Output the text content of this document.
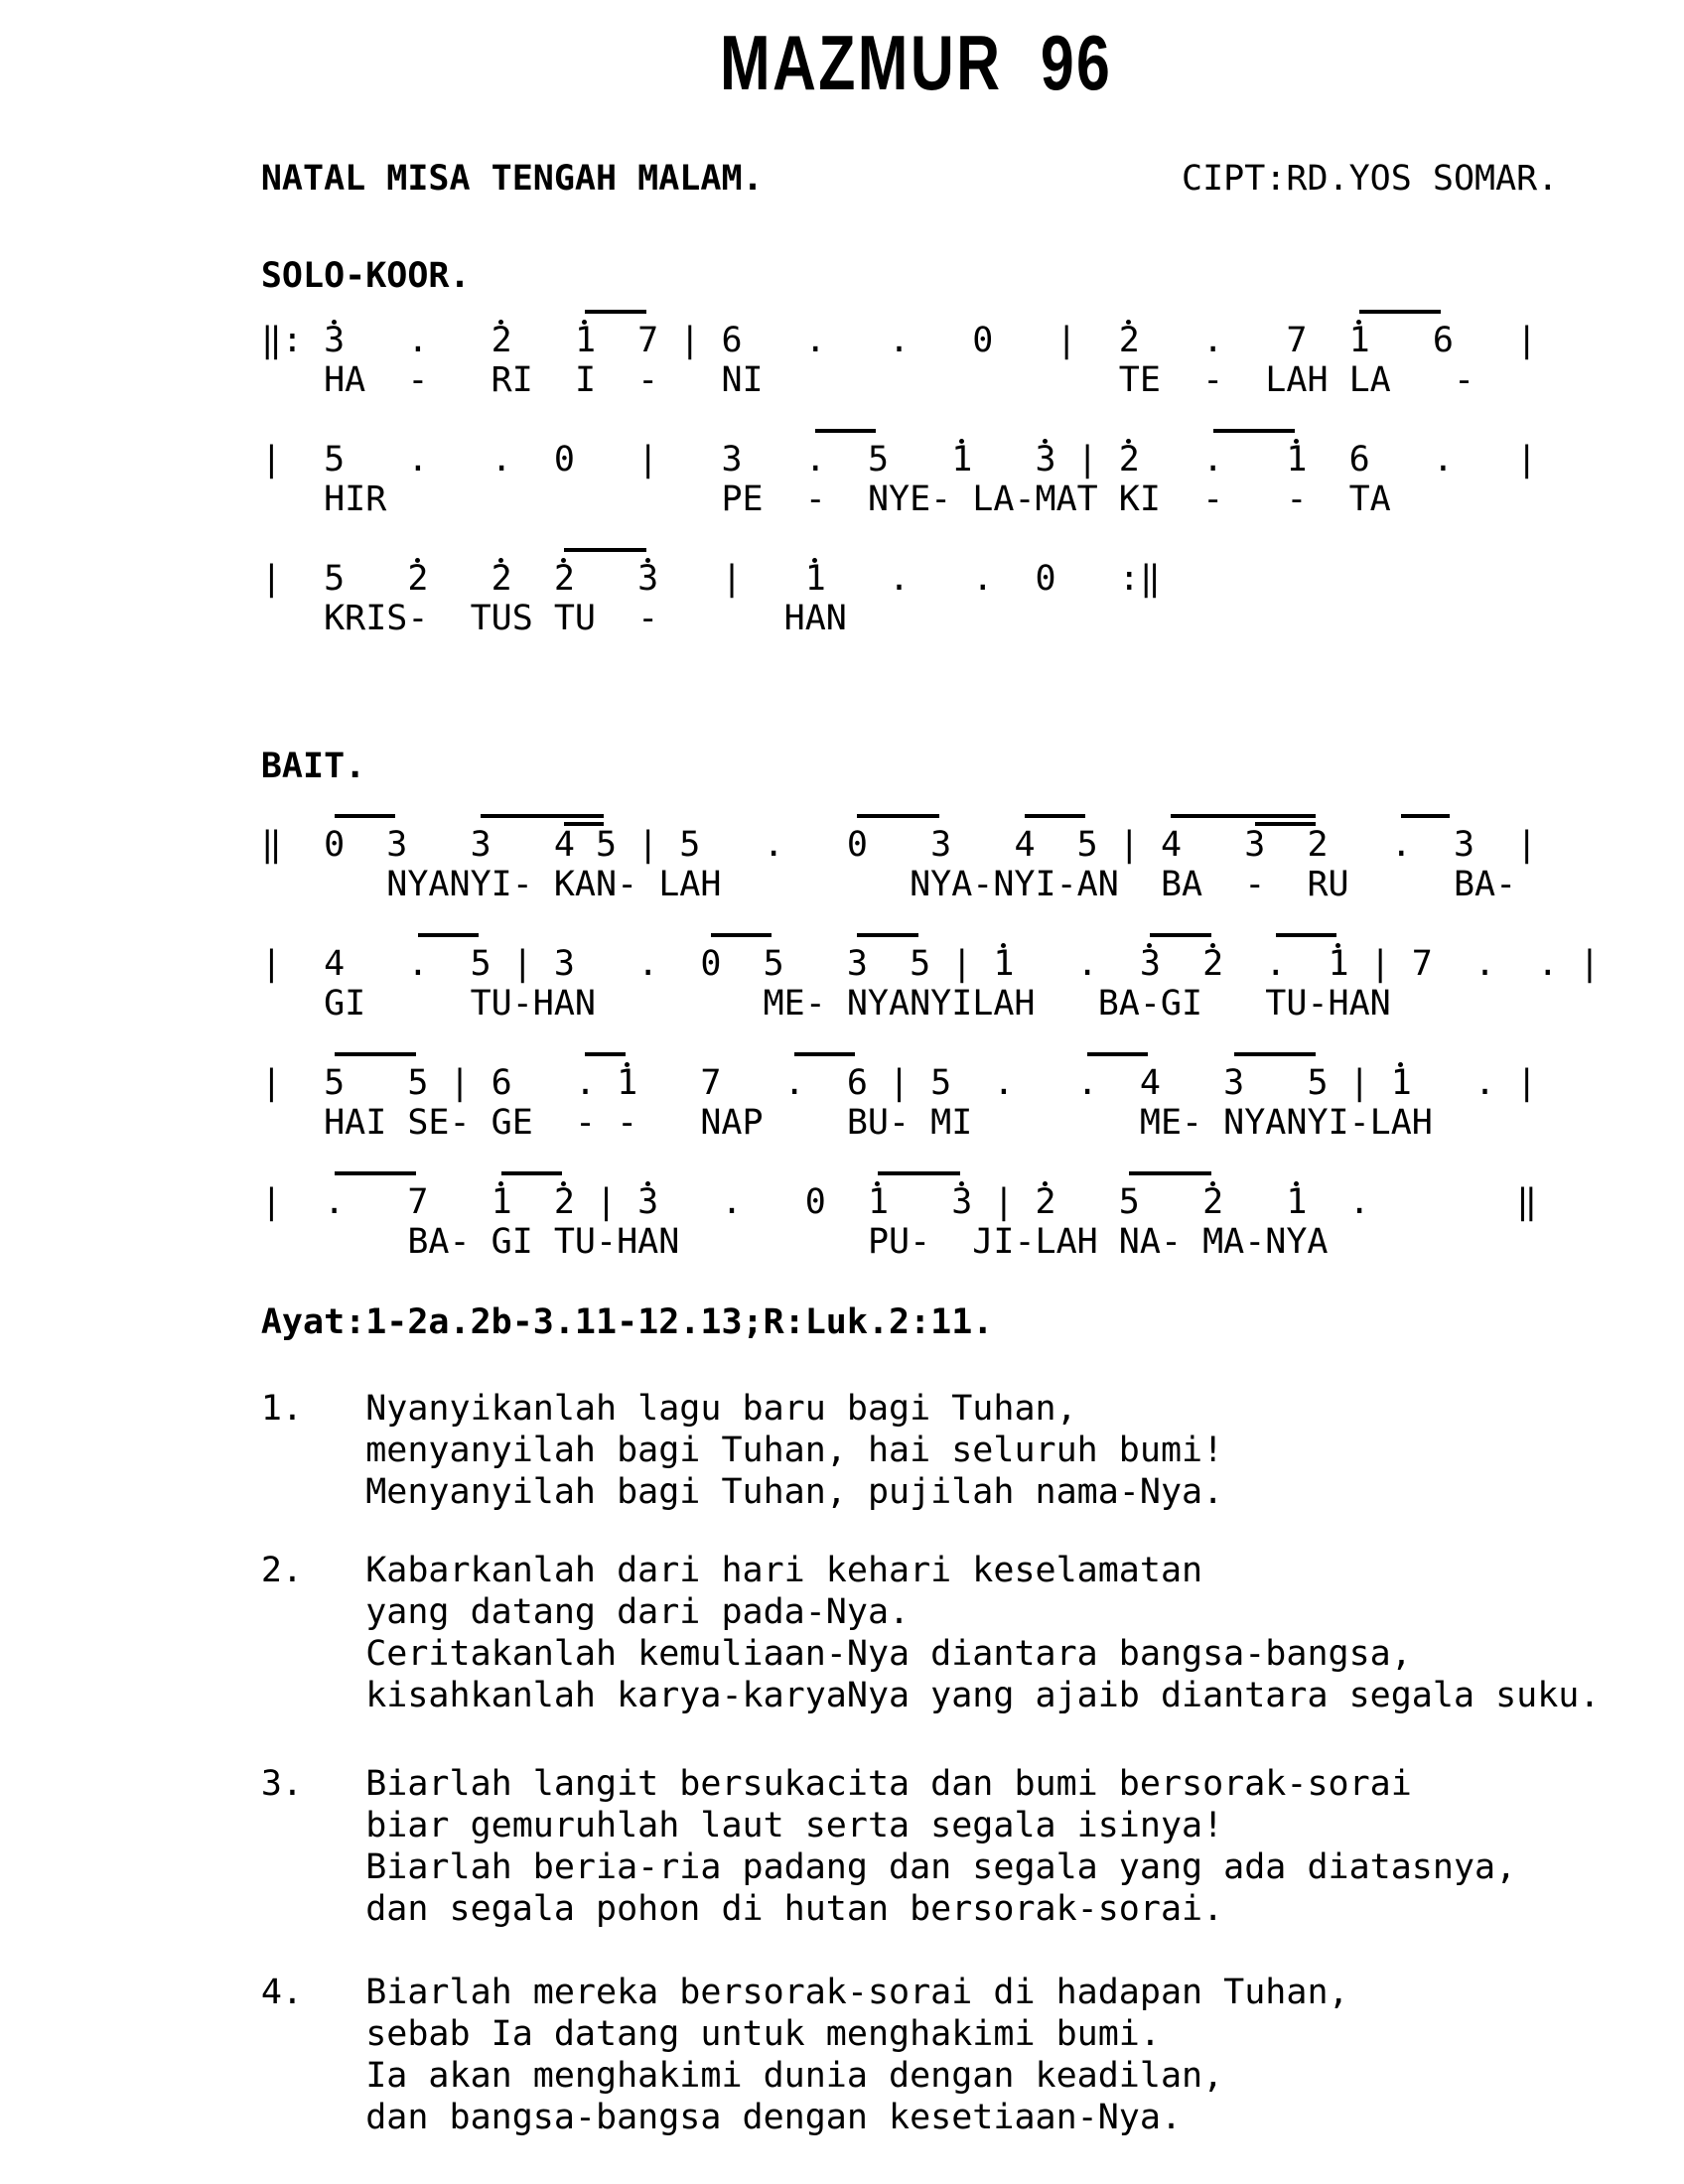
MAZMUR  96
NATAL MISA TENGAH MALAM.	CIPT:RD.YOS SOMAR.
SOLO-KOOR.
BAIT.
Ayat:1-2a.2b-3.11-12.13;R:Luk.2:11.
‖: 3 . 2 1 7 | 6 . . 0 | 2 . 7 1 6 |
HA - RI I - NI	TE - LAH LA -
| 5 . . 0 | 3 . 5 1 3 | 2 . 1 6 . |
HIR	PE - NYE- LA-MAT KI - - TA
| 5 2 2 2 3 | 1 . . 0 :‖
KRIS- TUS TU -	HAN
‖ 0 3 3 4 5 | 5 . 0 3 4 5 | 4 3 2 . 3 |
NYANYI- KAN- LAH	NYA-NYI-AN BA - RU	BA-
| 4 . 5 | 3 . 0 5 3 5 | 1 . 3 2 . 1 | 7 . . |
GI	TU-HAN	ME- NYANYILAH BA-GI TU-HAN
| 5 5 | 6 . 1 7 . 6 | 5 . . 4 3 5 | 1 . |
HAI SE- GE - - NAP BU- MI	ME- NYANYI-LAH
| . 7 1 2 | 3 . 0 1 3 | 2 5 2 1 .	‖
BA- GI TU-HAN	PU- JI-LAH NA- MA-NYA
1. Nyanyikanlah lagu baru bagi Tuhan,
menyanyilah bagi Tuhan, hai seluruh bumi!
Menyanyilah bagi Tuhan, pujilah nama-Nya.
2. Kabarkanlah dari hari kehari keselamatan
yang datang dari pada-Nya.
Ceritakanlah kemuliaan-Nya diantara bangsa-bangsa,
kisahkanlah karya-karyaNya yang ajaib diantara segala suku.
3. Biarlah langit bersukacita dan bumi bersorak-sorai
biar gemuruhlah laut serta segala isinya!
Biarlah beria-ria padang dan segala yang ada diatasnya,
dan segala pohon di hutan bersorak-sorai.
4. Biarlah mereka bersorak-sorai di hadapan Tuhan,
sebab Ia datang untuk menghakimi bumi.
Ia akan menghakimi dunia dengan keadilan,
dan bangsa-bangsa dengan kesetiaan-Nya.
